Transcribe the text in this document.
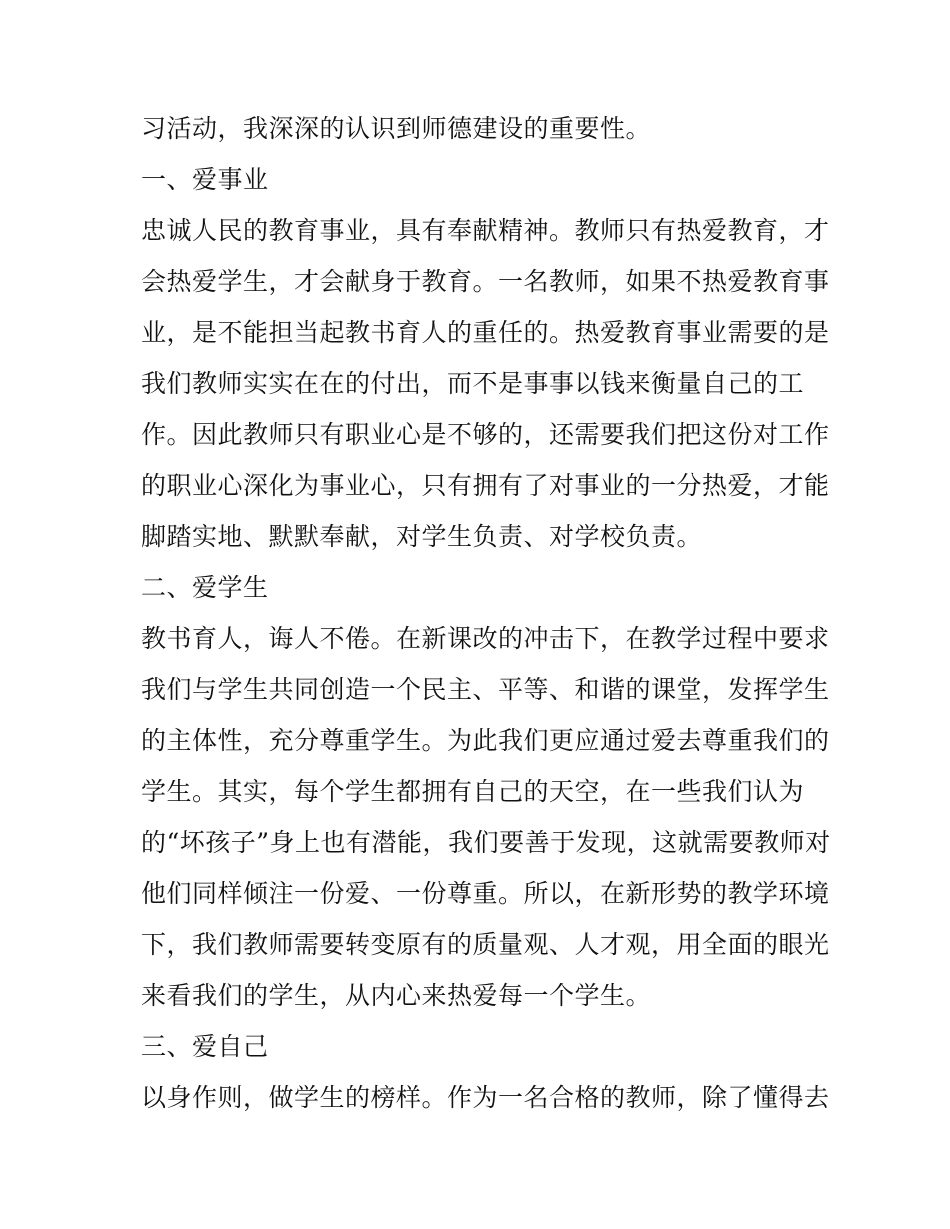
习活动，我深深的认识到师德建设的重要性。
一、爱事业
忠诚人民的教育事业，具有奉献精神。教师只有热爱教育，才
会热爱学生，才会献身于教育。一名教师，如果不热爱教育事
业，是不能担当起教书育人的重任的。热爱教育事业需要的是
我们教师实实在在的付出，而不是事事以钱来衡量自己的工
作。因此教师只有职业心是不够的，还需要我们把这份对工作
的职业心深化为事业心，只有拥有了对事业的一分热爱，才能
脚踏实地、默默奉献，对学生负责、对学校负责。
二、爱学生
教书育人，诲人不倦。在新课改的冲击下，在教学过程中要求
我们与学生共同创造一个民主、平等、和谐的课堂，发挥学生
的主体性，充分尊重学生。为此我们更应通过爱去尊重我们的
学生。其实，每个学生都拥有自己的天空，在一些我们认为
的“坏孩子”身上也有潜能，我们要善于发现，这就需要教师对
他们同样倾注一份爱、一份尊重。所以，在新形势的教学环境
下，我们教师需要转变原有的质量观、人才观，用全面的眼光
来看我们的学生，从内心来热爱每一个学生。
三、爱自己
以身作则，做学生的榜样。作为一名合格的教师，除了懂得去
